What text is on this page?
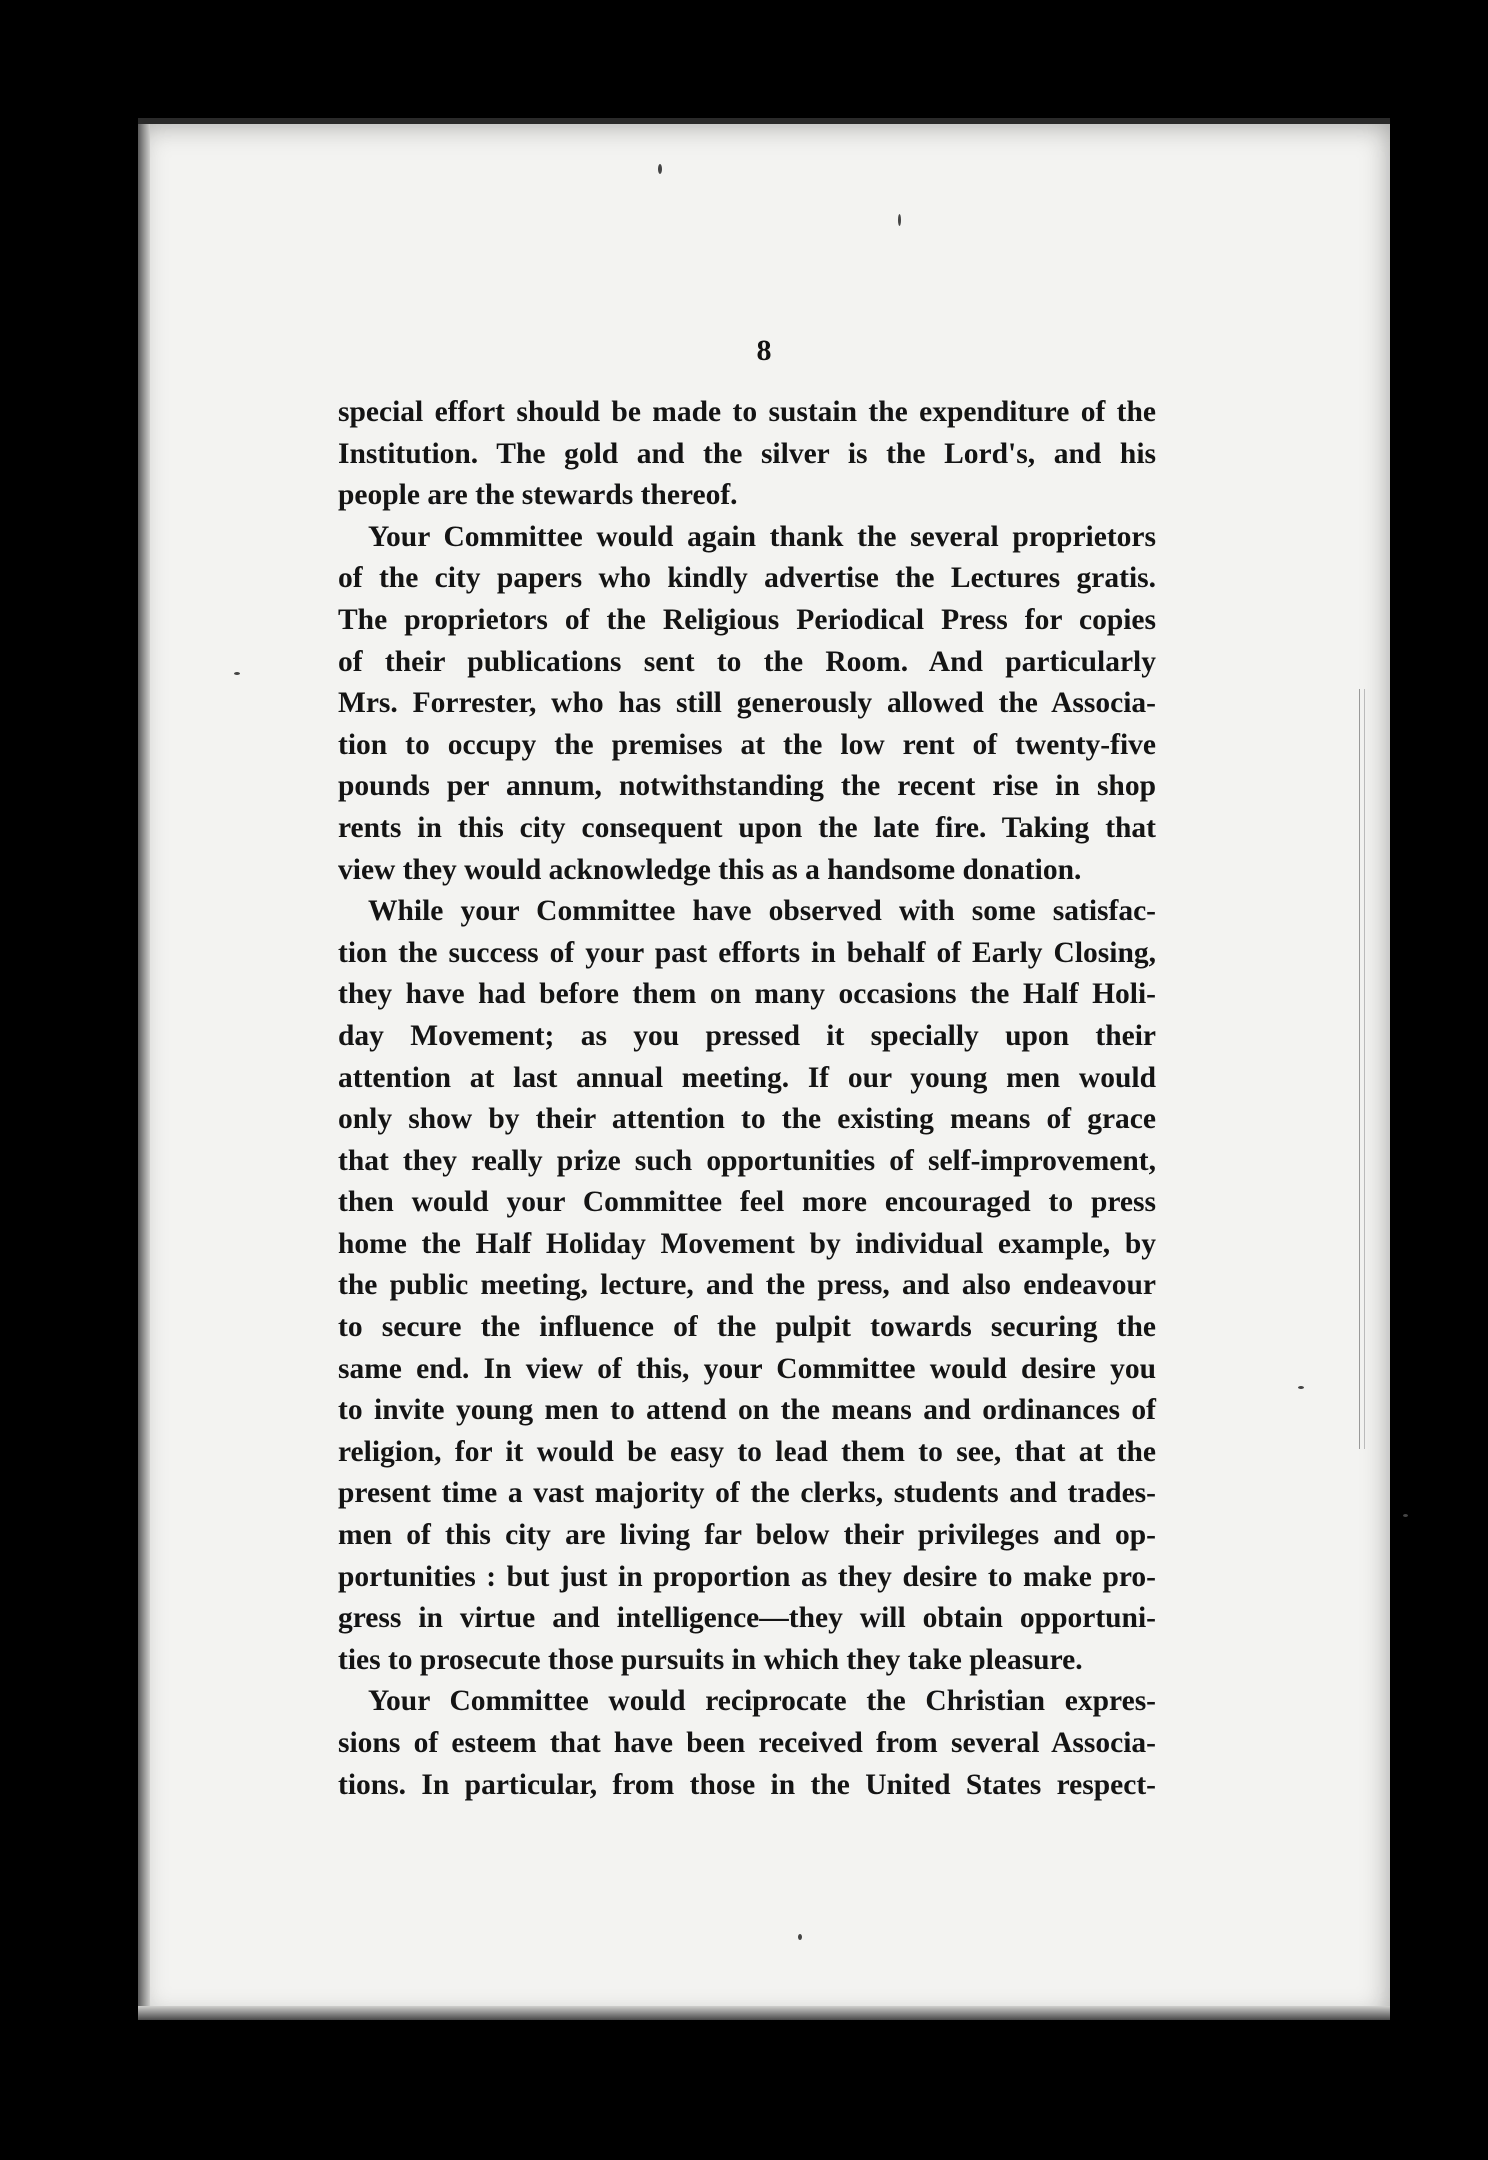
8
special effort should be made to sustain the expenditure of the
Institution. The gold and the silver is the Lord's, and his
people are the stewards thereof.
Your Committee would again thank the several proprietors
of the city papers who kindly advertise the Lectures gratis.
The proprietors of the Religious Periodical Press for copies
of their publications sent to the Room. And particularly
Mrs. Forrester, who has still generously allowed the Associa-
tion to occupy the premises at the low rent of twenty-five
pounds per annum, notwithstanding the recent rise in shop
rents in this city consequent upon the late fire. Taking that
view they would acknowledge this as a handsome donation.
While your Committee have observed with some satisfac-
tion the success of your past efforts in behalf of Early Closing,
they have had before them on many occasions the Half Holi-
day Movement; as you pressed it specially upon their
attention at last annual meeting. If our young men would
only show by their attention to the existing means of grace
that they really prize such opportunities of self-improvement,
then would your Committee feel more encouraged to press
home the Half Holiday Movement by individual example, by
the public meeting, lecture, and the press, and also endeavour
to secure the influence of the pulpit towards securing the
same end. In view of this, your Committee would desire you
to invite young men to attend on the means and ordinances of
religion, for it would be easy to lead them to see, that at the
present time a vast majority of the clerks, students and trades-
men of this city are living far below their privileges and op-
portunities : but just in proportion as they desire to make pro-
gress in virtue and intelligence—they will obtain opportuni-
ties to prosecute those pursuits in which they take pleasure.
Your Committee would reciprocate the Christian expres-
sions of esteem that have been received from several Associa-
tions. In particular, from those in the United States respect-
